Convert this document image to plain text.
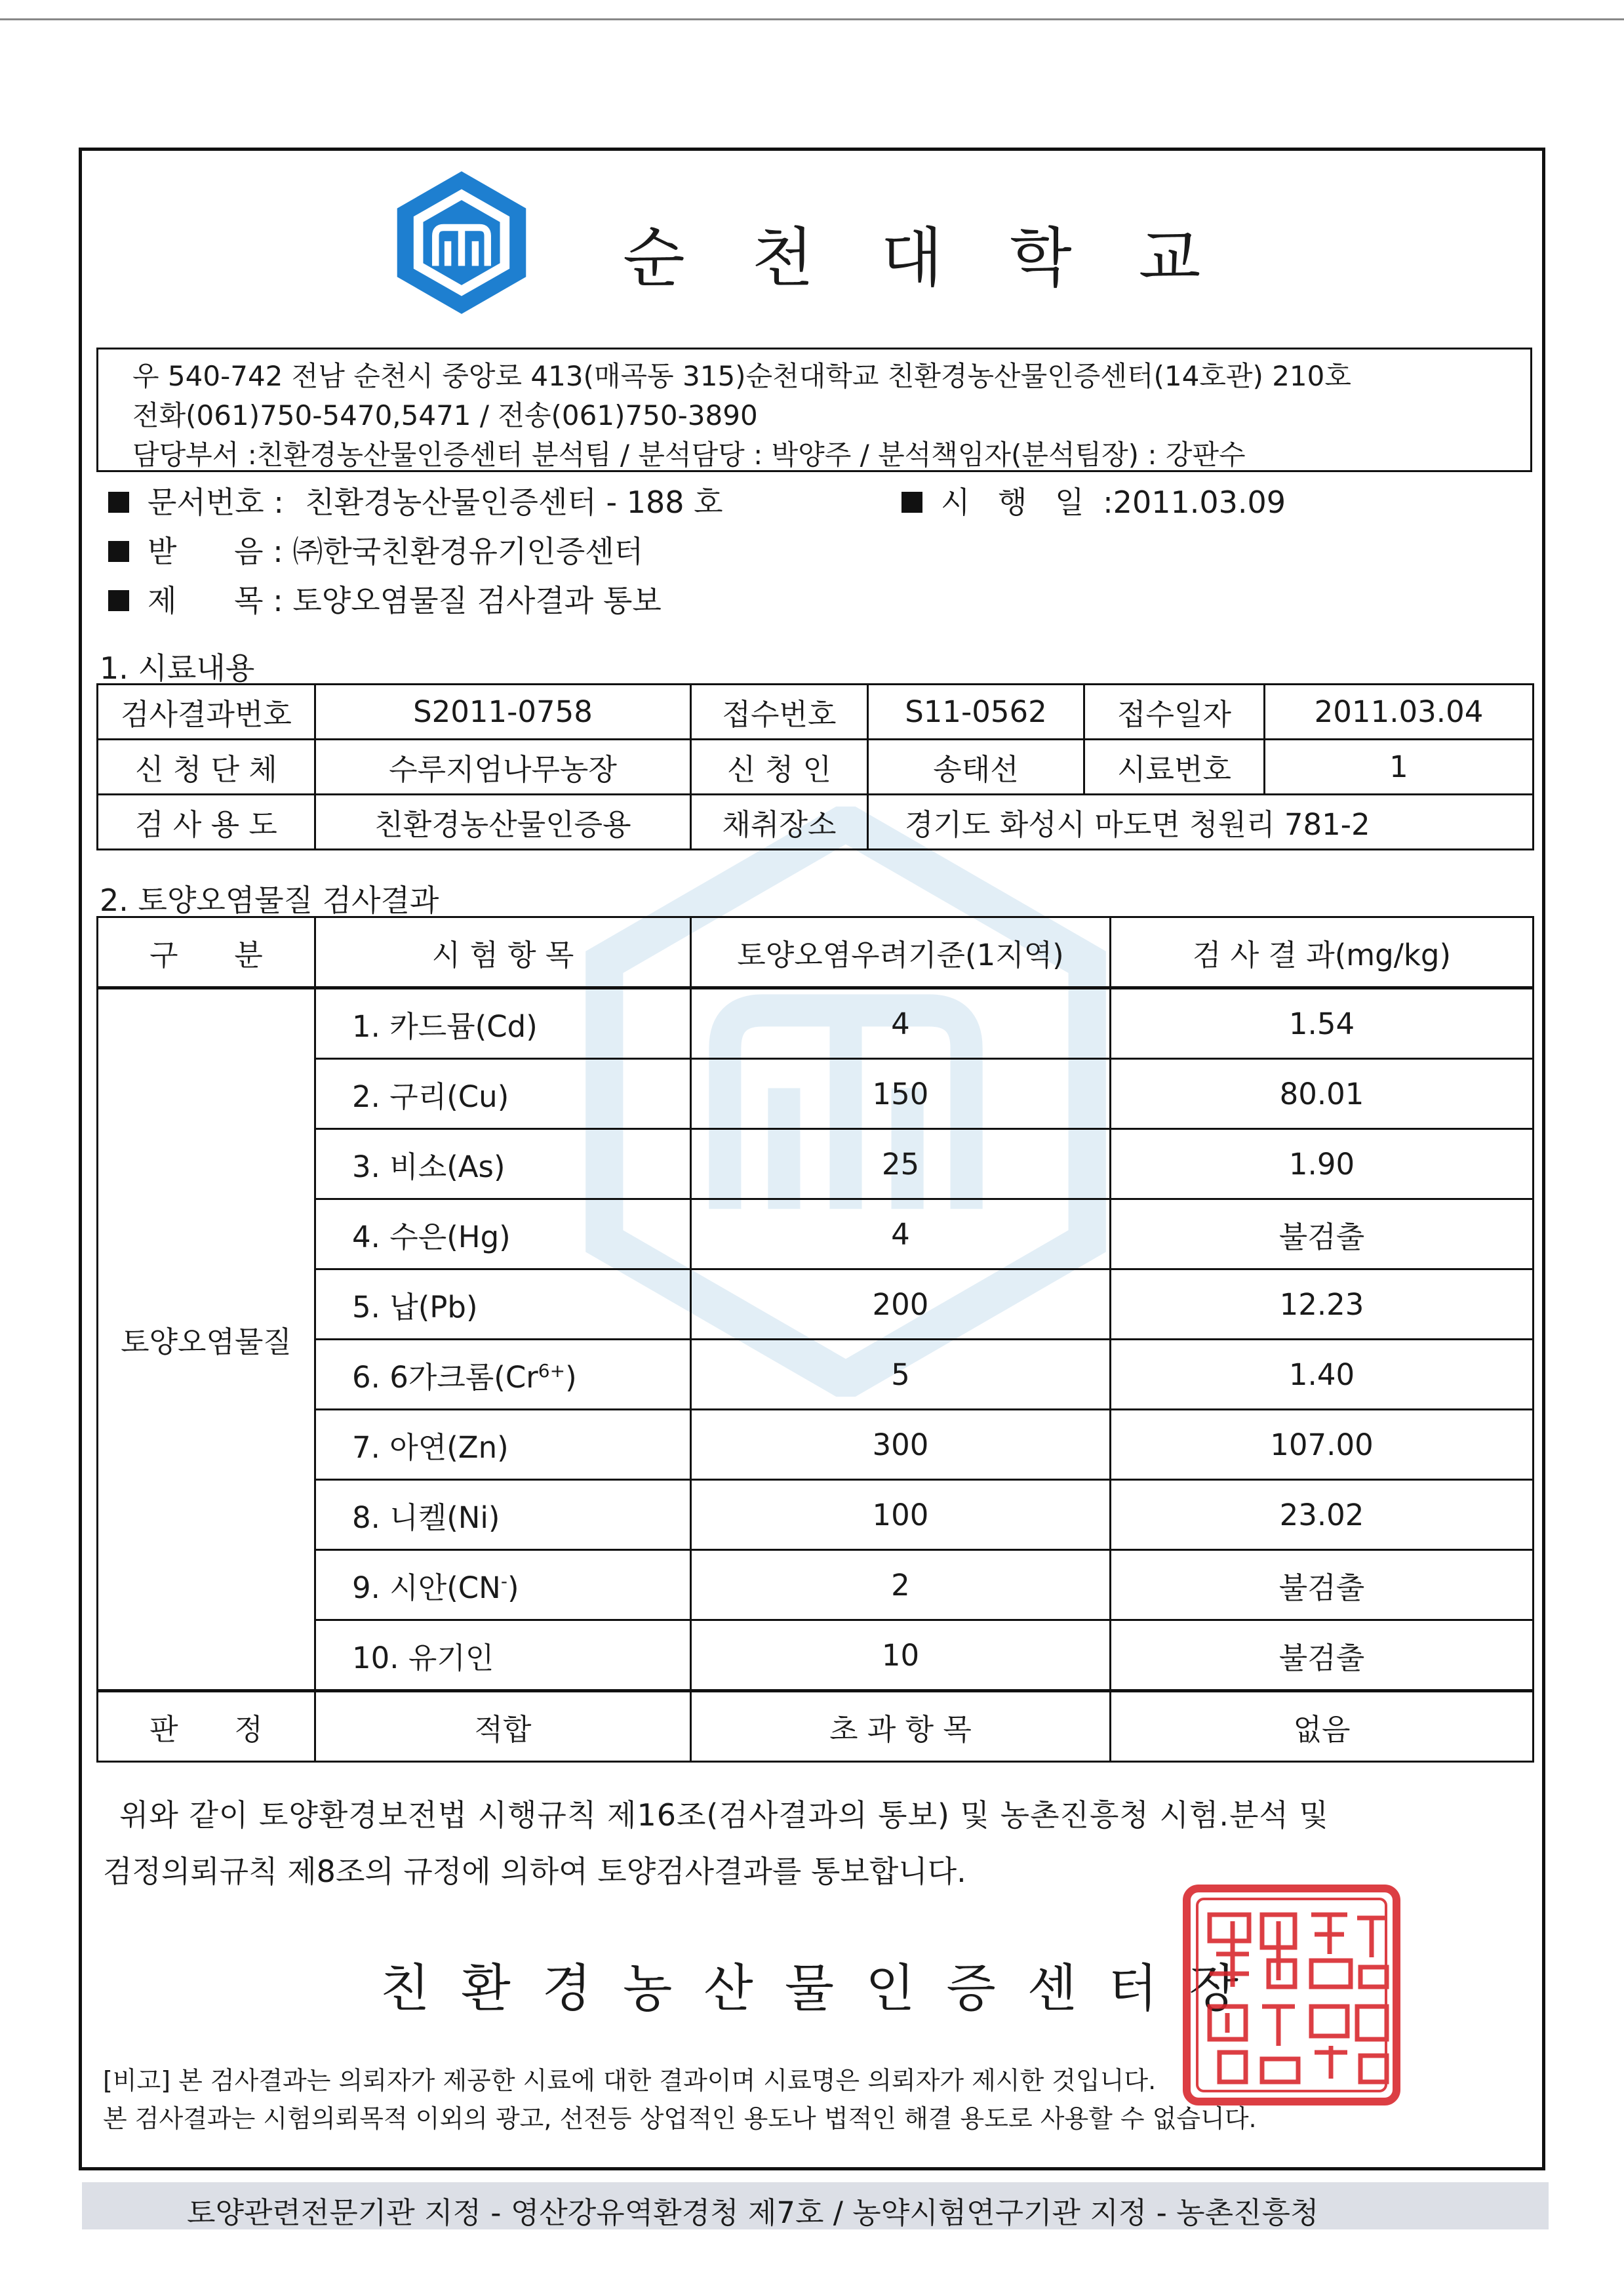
순천대학교
우 540-742 전남 순천시 중앙로 413(매곡동 315)순천대학교 친환경농산물인증센터(14호관) 210호
전화(061)750-5470,5471 / 전송(061)750-3890
담당부서 :친환경농산물인증센터 분석팀 / 분석담당 : 박양주 / 분석책임자(분석팀장) : 강판수
문서번호 : 친환경농산물인증센터 - 188 호	시 행 일 :2011.03.09
받      음 : ㈜한국친환경유기인증센터
제      목 : 토양오염물질 검사결과 통보
1. 시료내용
검사결과번호	S2011-0758	접수번호	S11-0562	접수일자	2011.03.04
신 청 단 체	수루지엄나무농장	신 청 인	송태선	시료번호	1
검 사 용 도	친환경농산물인증용	채취장소	경기도 화성시 마도면 청원리 781-2		
2. 토양오염물질 검사결과
구      분	시 험 항 목	토양오염우려기준(1지역)	검 사 결 과(mg/kg)
토양오염물질	1. 카드뮴(Cd)	4	1.54
	2. 구리(Cu)	150	80.01
	3. 비소(As)	25	1.90
	4. 수은(Hg)	4	불검출
	5. 납(Pb)	200	12.23
	6. 6가크롬$(Cr^{6+})$	5	1.40
	7. 아연(Zn)	300	107.00
	8. 니켈(Ni)	100	23.02
	9. 시안(CN-)	2	불검출
	10. 유기인	10	불검출
판      정	적합	초 과 항 목	없음
위와 같이 토양환경보전법 시행규칙 제16조(검사결과의 통보) 및 농촌진흥청 시험.분석 및
검정의뢰규칙 제8조의 규정에 의하여 토양검사결과를 통보합니다.
친환경농산물인증센터장
[비고] 본 검사결과는 의뢰자가 제공한 시료에 대한 결과이며 시료명은 의뢰자가 제시한 것입니다.
본 검사결과는 시험의뢰목적 이외의 광고, 선전등 상업적인 용도나 법적인 해결 용도로 사용할 수 없습니다.
토양관련전문기관 지정 - 영산강유역환경청 제7호 / 농약시험연구기관 지정 - 농촌진흥청
